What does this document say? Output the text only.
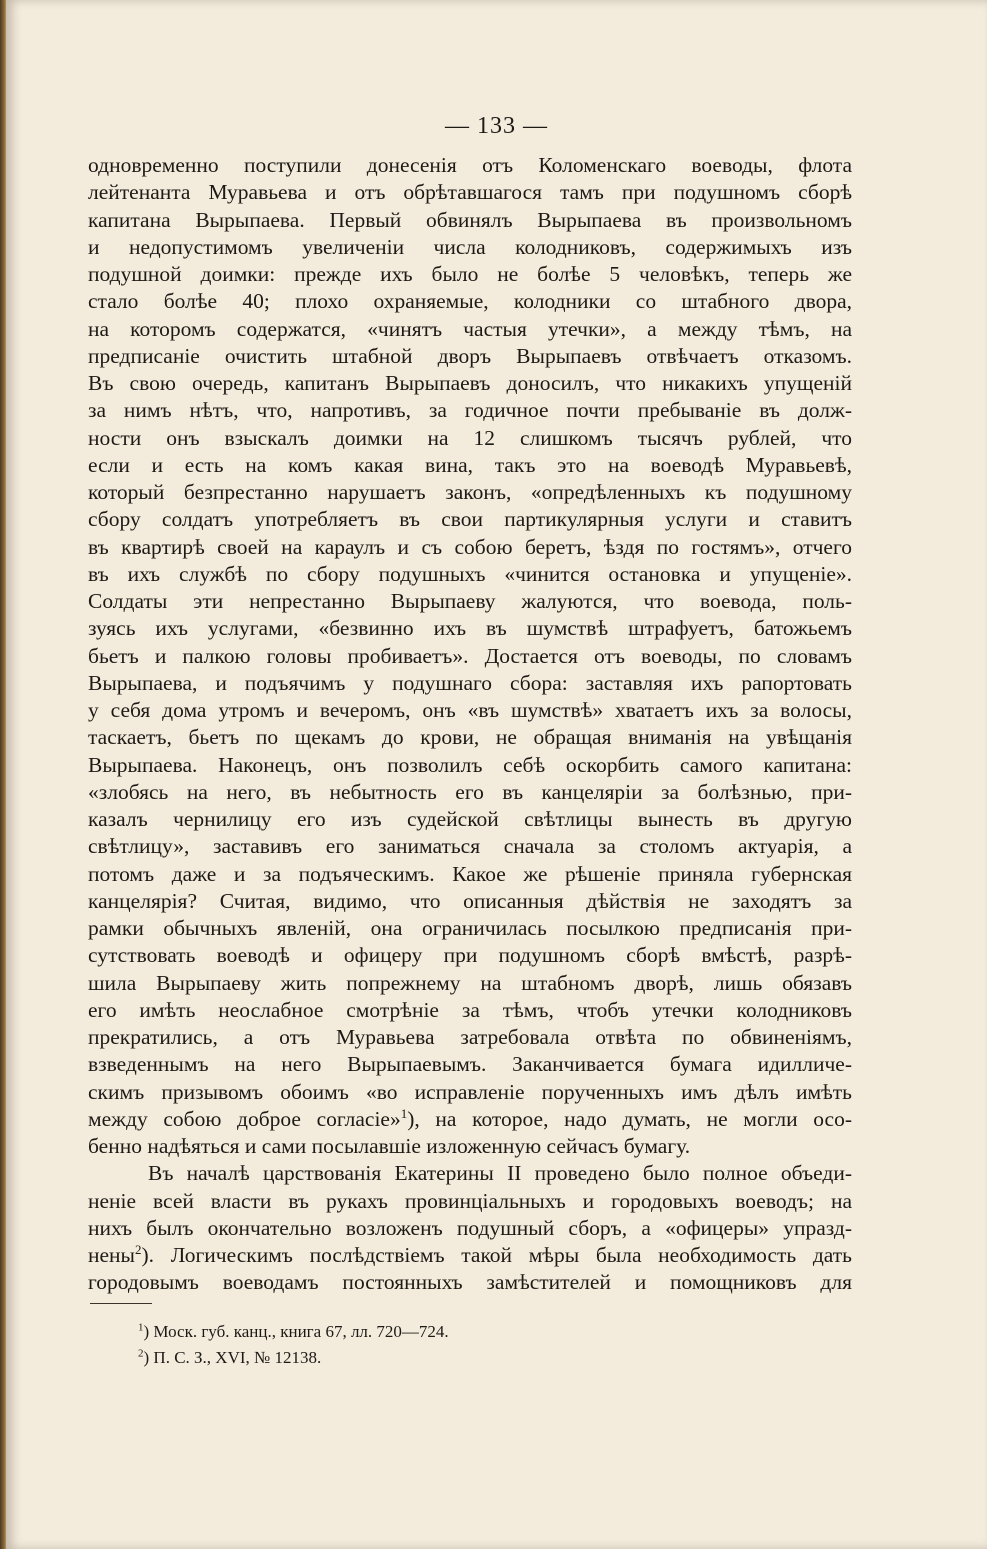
— 133 —
одновременно поступили донесенія отъ Коломенскаго воеводы, флота
лейтенанта Муравьева и отъ обрѣтавшагося тамъ при подушномъ сборѣ
капитана Вырыпаева. Первый обвинялъ Вырыпаева въ произвольномъ
и недопустимомъ увеличеніи числа колодниковъ, содержимыхъ изъ
подушной доимки: прежде ихъ было не болѣе 5 человѣкъ, теперь же
стало болѣе 40; плохо охраняемые, колодники со штабного двора,
на которомъ содержатся, «чинятъ частыя утечки», а между тѣмъ, на
предписаніе очистить штабной дворъ Вырыпаевъ отвѣчаетъ отказомъ.
Въ свою очередь, капитанъ Вырыпаевъ доносилъ, что никакихъ упущеній
за нимъ нѣтъ, что, напротивъ, за годичное почти пребываніе въ долж-
ности онъ взыскалъ доимки на 12 слишкомъ тысячъ рублей, что
если и есть на комъ какая вина, такъ это на воеводѣ Муравьевѣ,
который безпрестанно нарушаетъ законъ, «опредѣленныхъ къ подушному
сбору солдатъ употребляетъ въ свои партикулярныя услуги и ставитъ
въ квартирѣ своей на караулъ и съ собою беретъ, ѣздя по гостямъ», отчего
въ ихъ службѣ по сбору подушныхъ «чинится остановка и упущеніе».
Солдаты эти непрестанно Вырыпаеву жалуются, что воевода, поль-
зуясь ихъ услугами, «безвинно ихъ въ шумствѣ штрафуетъ, батожьемъ
бьетъ и палкою головы пробиваетъ». Достается отъ воеводы, по словамъ
Вырыпаева, и подъячимъ у подушнаго сбора: заставляя ихъ рапортовать
у себя дома утромъ и вечеромъ, онъ «въ шумствѣ» хватаетъ ихъ за волосы,
таскаетъ, бьетъ по щекамъ до крови, не обращая вниманія на увѣщанія
Вырыпаева. Наконецъ, онъ позволилъ себѣ оскорбить самого капитана:
«злобясь на него, въ небытность его въ канцеляріи за болѣзнью, при-
казалъ чернилицу его изъ судейской свѣтлицы вынесть въ другую
свѣтлицу», заставивъ его заниматься сначала за столомъ актуарія, а
потомъ даже и за подъяческимъ. Какое же рѣшеніе приняла губернская
канцелярія? Считая, видимо, что описанныя дѣйствія не заходятъ за
рамки обычныхъ явленій, она ограничилась посылкою предписанія при-
сутствовать воеводѣ и офицеру при подушномъ сборѣ вмѣстѣ, разрѣ-
шила Вырыпаеву жить попрежнему на штабномъ дворѣ, лишь обязавъ
его имѣть неослабное смотрѣніе за тѣмъ, чтобъ утечки колодниковъ
прекратились, а отъ Муравьева затребовала отвѣта по обвиненіямъ,
взведеннымъ на него Вырыпаевымъ. Заканчивается бумага идилличе-
скимъ призывомъ обоимъ «во исправленіе порученныхъ имъ дѣлъ имѣть
между собою доброе согласіе»$^1$), на которое, надо думать, не могли осо-
бенно надѣяться и сами посылавшіе изложенную сейчасъ бумагу.
Въ началѣ царствованія Екатерины II проведено было полное объеди-
неніе всей власти въ рукахъ провинціальныхъ и городовыхъ воеводъ; на
нихъ былъ окончательно возложенъ подушный сборъ, а «офицеры» упразд-
нены$^2$). Логическимъ послѣдствіемъ такой мѣры была необходимость дать
городовымъ воеводамъ постоянныхъ замѣстителей и помощниковъ для
$^1$) Моск. губ. канц., книга 67, лл. 720—724.
$^2$) П. С. З., XVI, № 12138.
